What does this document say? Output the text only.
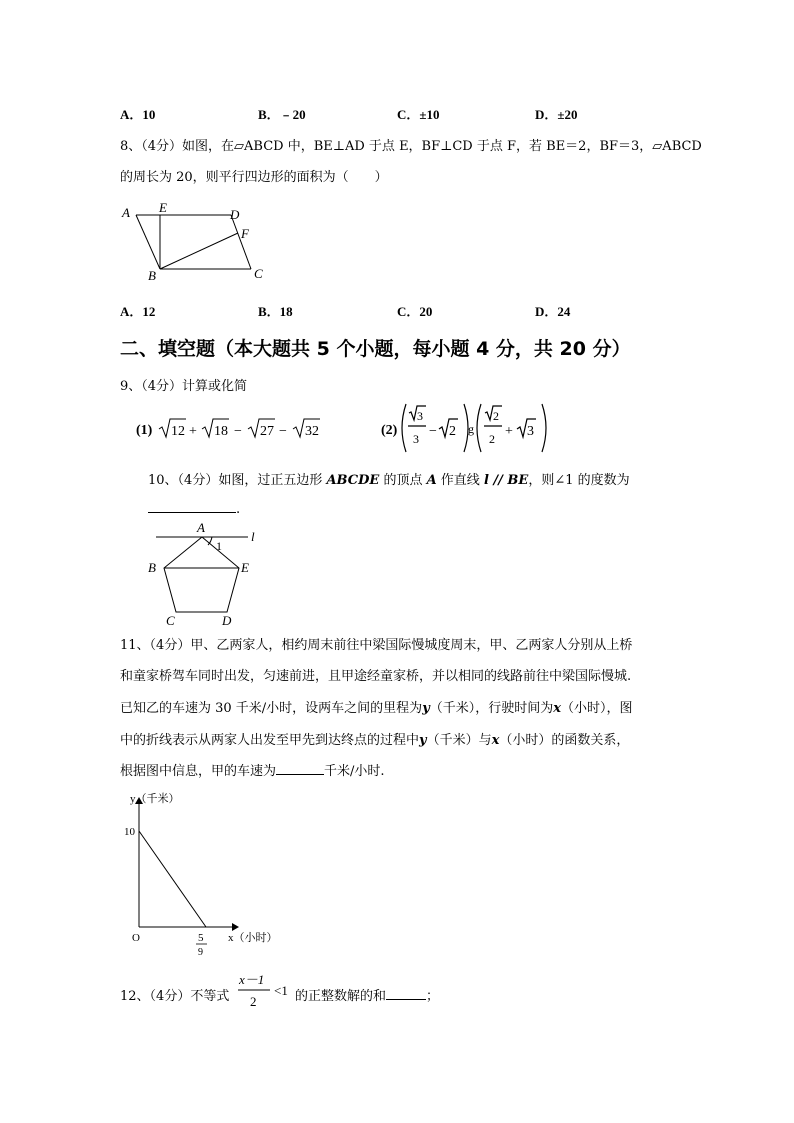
A．10	B．﹣20	C．±10	D．±20
8、（4分）如图，在▱ABCD 中，BE⊥AD 于点 E，BF⊥CD 于点 F，若 BE＝2，BF＝3，▱ABCD
的周长为 20，则平行四边形的面积为（　　）
A E	D
F
B	C
A．12	B．18	C．20	D．24
二、填空题（本大题共 5 个小题，每小题 4 分，共 20 分）
9、（4分）计算或化简
(1) 12 + 18 − 27 − 32	(2)
3
3 − 2 g
2
2 + 3
10、（4分）如图，过正五边形 ABCDE 的顶点 A 作直线 l // BE，则∠1 的度数为
.
A
l
1
B	E
C	D
11、（4分）甲、乙两家人，相约周末前往中梁国际慢城度周末，甲、乙两家人分别从上桥
和童家桥驾车同时出发，匀速前进，且甲途经童家桥，并以相同的线路前往中梁国际慢城.
已知乙的车速为 30 千米/小时，设两车之间的里程为y（千米），行驶时间为x（小时），图
中的折线表示从两家人出发至甲先到达终点的过程中y（千米）与x（小时）的函数关系，
根据图中信息，甲的车速为	千米/小时.
y（千米）
10
O	5
9
x（小时）
12、（4分）不等式
x－1
2
<1 的正整数解的和	；
